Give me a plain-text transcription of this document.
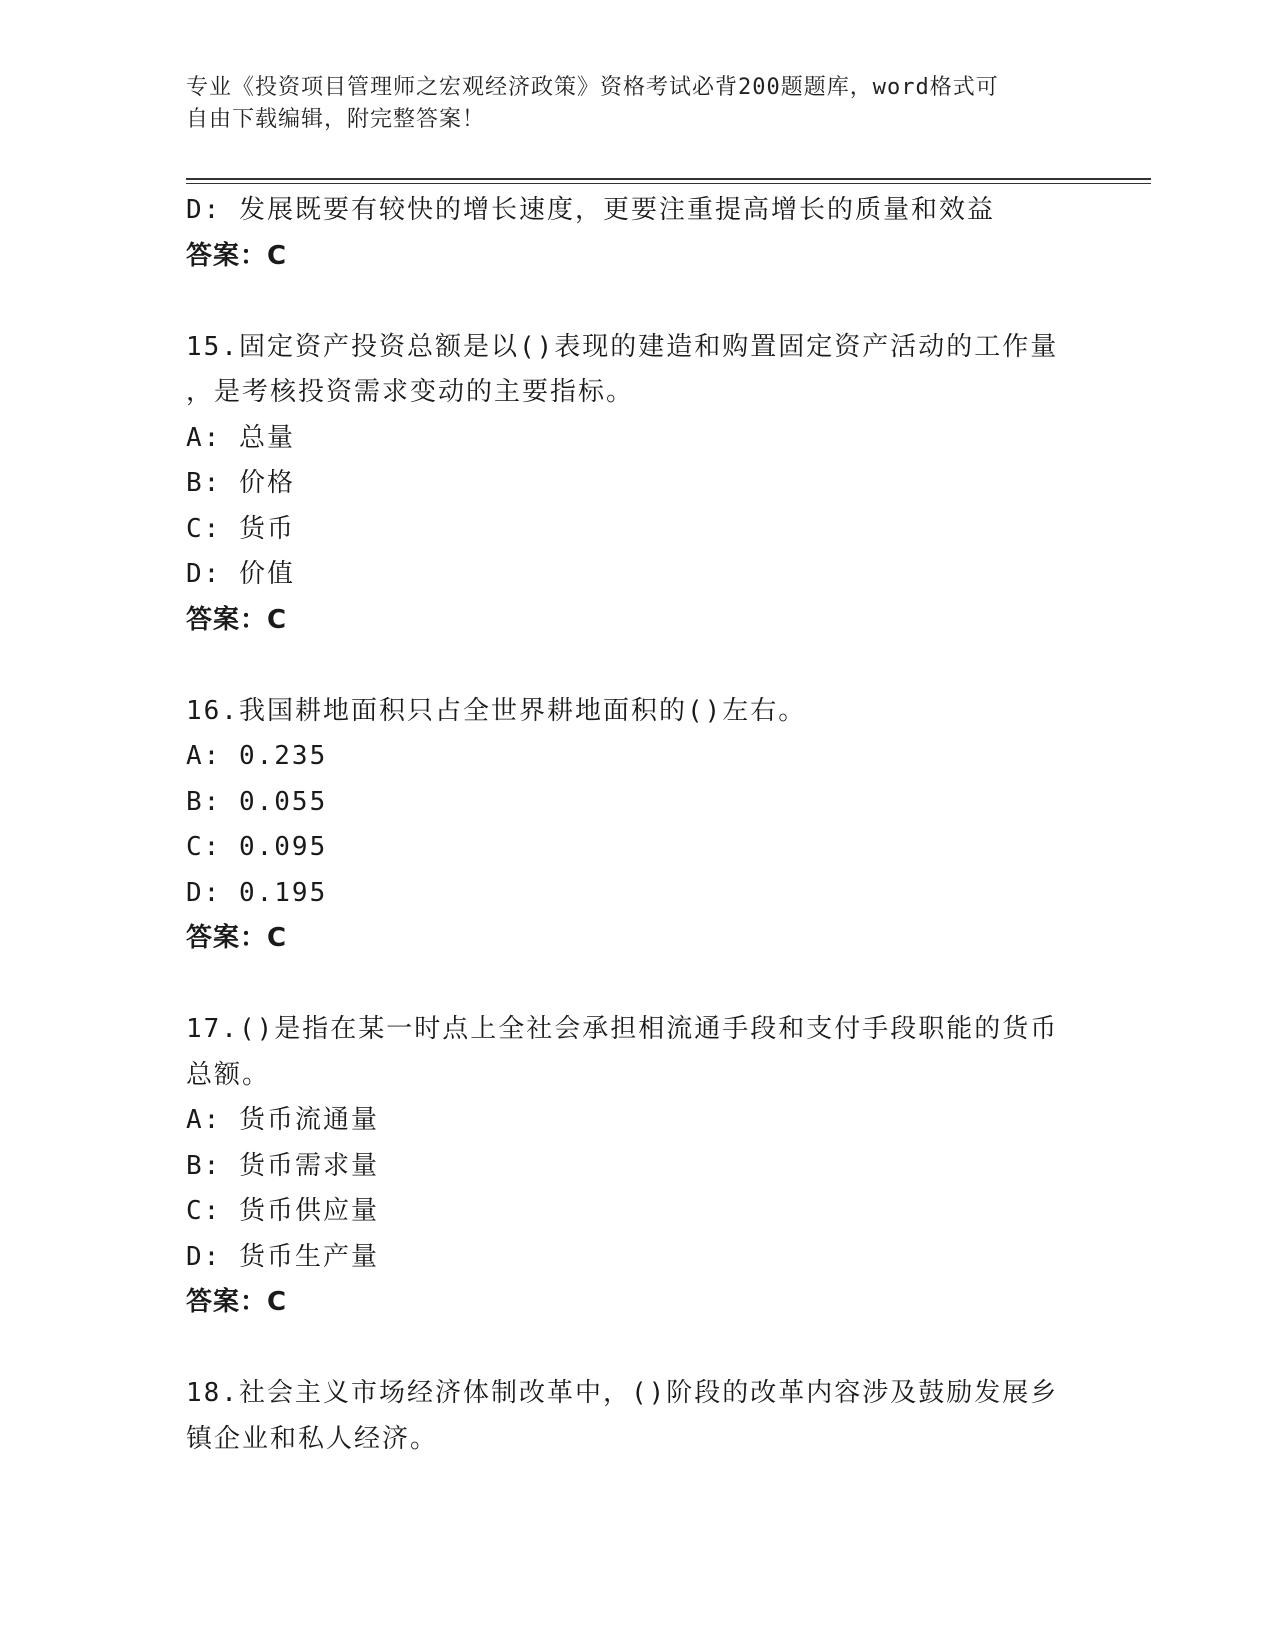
专业《投资项目管理师之宏观经济政策》资格考试必背200题题库，word格式可
自由下载编辑，附完整答案！
D: 发展既要有较快的增长速度，更要注重提高增长的质量和效益
答案：C
15.固定资产投资总额是以()表现的建造和购置固定资产活动的工作量
，是考核投资需求变动的主要指标。
A: 总量
B: 价格
C: 货币
D: 价值
答案：C
16.我国耕地面积只占全世界耕地面积的()左右。
A: 0.235
B: 0.055
C: 0.095
D: 0.195
答案：C
17.()是指在某一时点上全社会承担相流通手段和支付手段职能的货币
总额。
A: 货币流通量
B: 货币需求量
C: 货币供应量
D: 货币生产量
答案：C
18.社会主义市场经济体制改革中，()阶段的改革内容涉及鼓励发展乡
镇企业和私人经济。
